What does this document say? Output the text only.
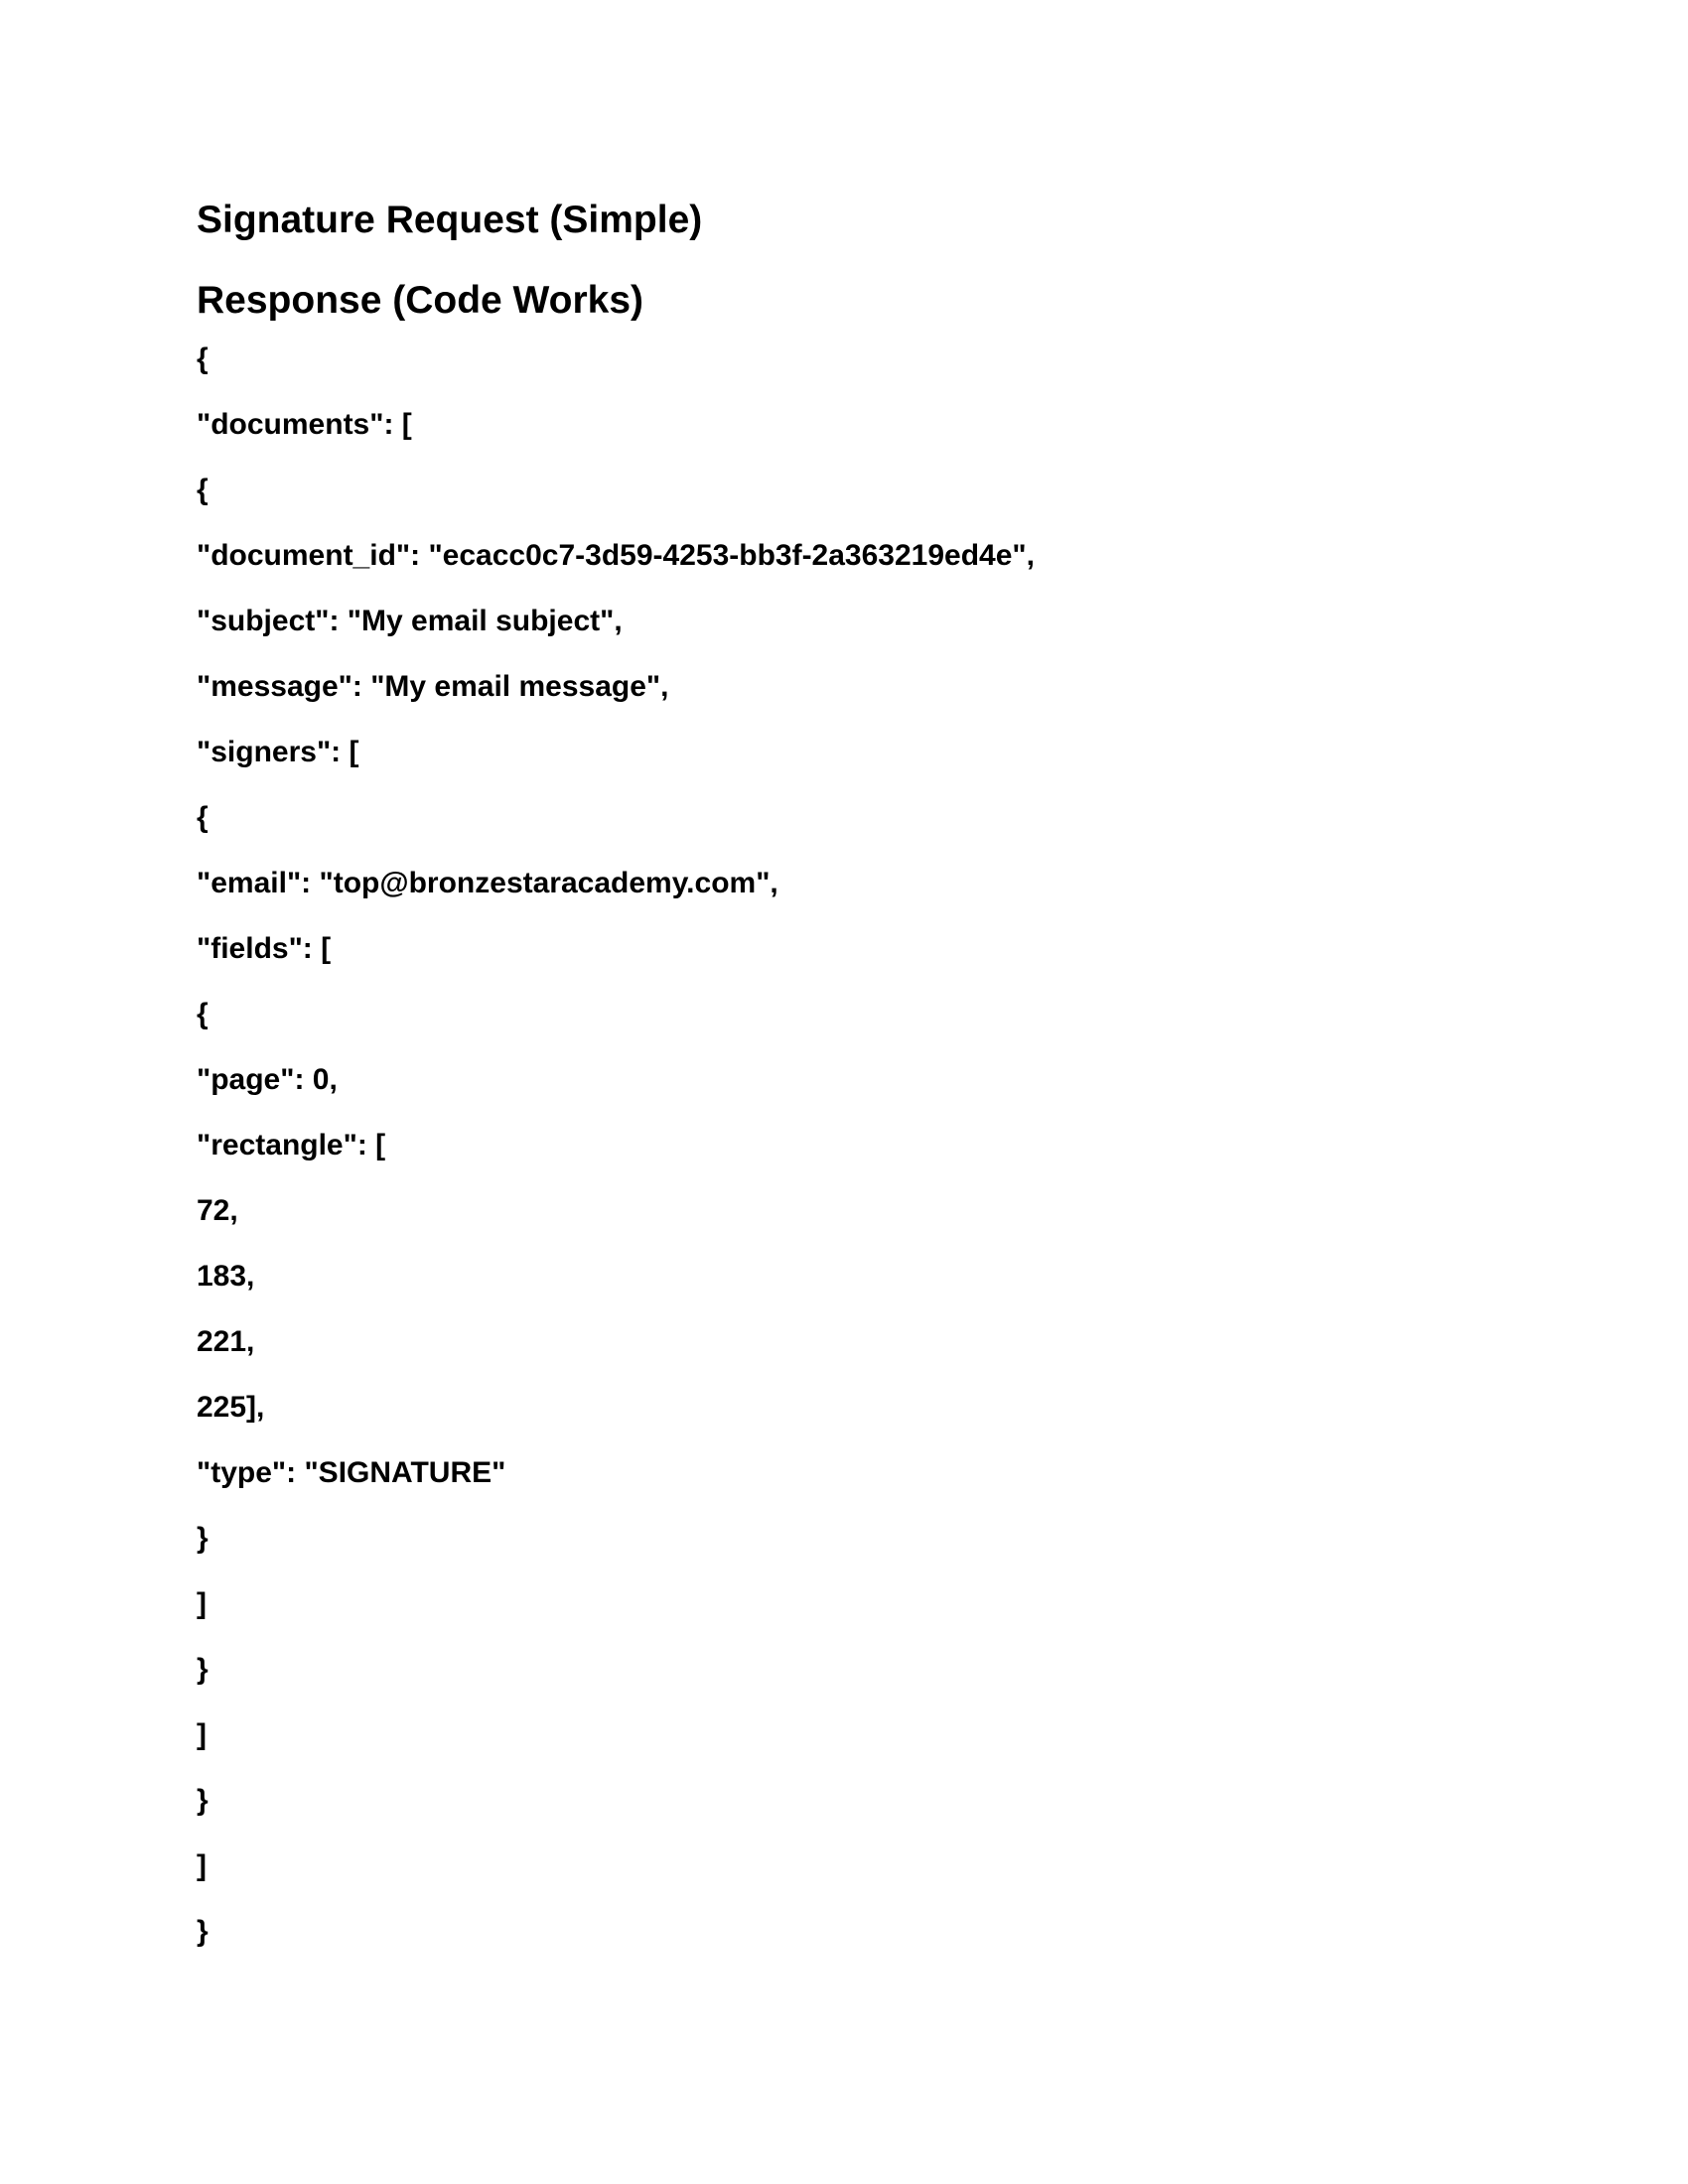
Signature Request (Simple)
Response (Code Works)
{
"documents": [
{
"document_id": "ecacc0c7-3d59-4253-bb3f-2a363219ed4e",
"subject": "My email subject",
"message": "My email message",
"signers": [
{
"email": "top@bronzestaracademy.com",
"fields": [
{
"page": 0,
"rectangle": [
72,
183,
221,
225],
"type": "SIGNATURE"
}
]
}
]
}
]
}
